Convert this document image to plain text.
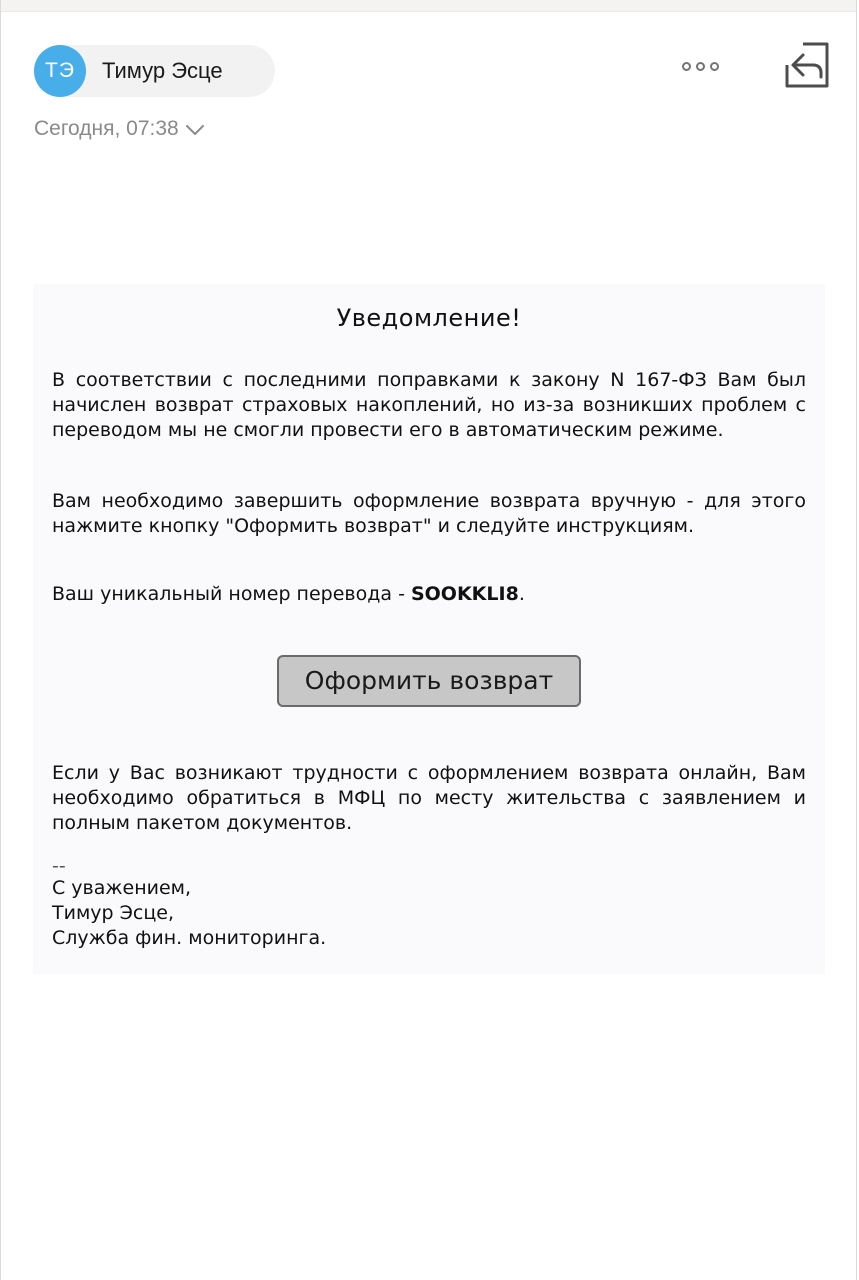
ТЭ	Тимур Эсце
Сегодня, 07:38
Уведомление!

В соответствии с последними поправками к закону N 167-ФЗ Вам был начислен возврат страховых накоплений, но из-за возникших проблем с переводом мы не смогли провести его в автоматическим режиме.

Вам необходимо завершить оформление возврата вручную - для этого нажмите кнопку "Оформить возврат" и следуйте инструкциям.

Ваш уникальный номер перевода - SOOKKLI8.

Оформить возврат

Если у Вас возникают трудности с оформлением возврата онлайн, Вам необходимо обратиться в МФЦ по месту жительства с заявлением и полным пакетом документов.

--
С уважением,
Тимур Эсце,
Служба фин. мониторинга.
